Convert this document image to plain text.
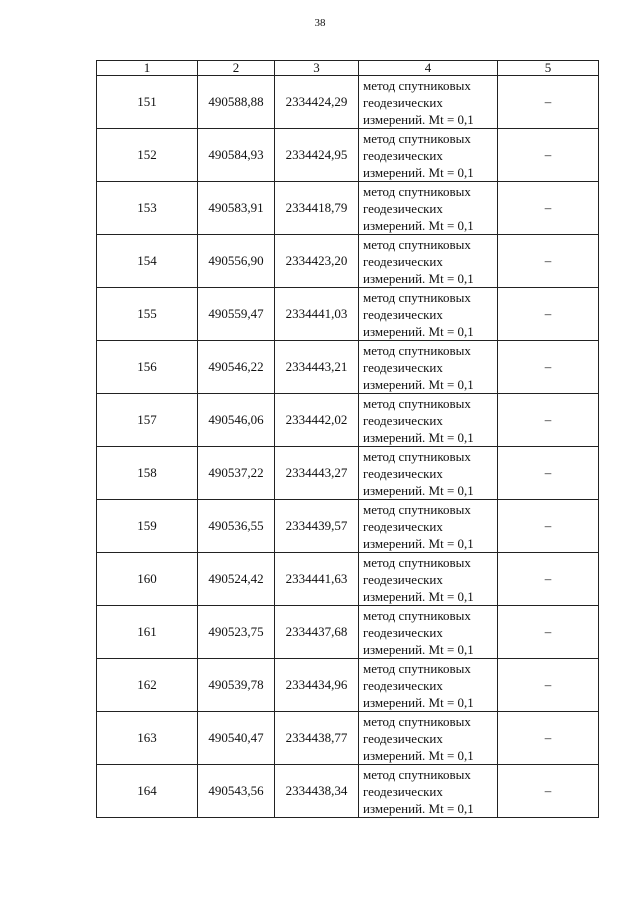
38
1	2	3	4	5
151	490588,88	2334424,29	метод спутниковых
геодезических
измерений. Mt = 0,1	–
152	490584,93	2334424,95	метод спутниковых
геодезических
измерений. Mt = 0,1	–
153	490583,91	2334418,79	метод спутниковых
геодезических
измерений. Mt = 0,1	–
154	490556,90	2334423,20	метод спутниковых
геодезических
измерений. Mt = 0,1	–
155	490559,47	2334441,03	метод спутниковых
геодезических
измерений. Mt = 0,1	–
156	490546,22	2334443,21	метод спутниковых
геодезических
измерений. Mt = 0,1	–
157	490546,06	2334442,02	метод спутниковых
геодезических
измерений. Mt = 0,1	–
158	490537,22	2334443,27	метод спутниковых
геодезических
измерений. Mt = 0,1	–
159	490536,55	2334439,57	метод спутниковых
геодезических
измерений. Mt = 0,1	–
160	490524,42	2334441,63	метод спутниковых
геодезических
измерений. Mt = 0,1	–
161	490523,75	2334437,68	метод спутниковых
геодезических
измерений. Mt = 0,1	–
162	490539,78	2334434,96	метод спутниковых
геодезических
измерений. Mt = 0,1	–
163	490540,47	2334438,77	метод спутниковых
геодезических
измерений. Mt = 0,1	–
164	490543,56	2334438,34	метод спутниковых
геодезических
измерений. Mt = 0,1	–
